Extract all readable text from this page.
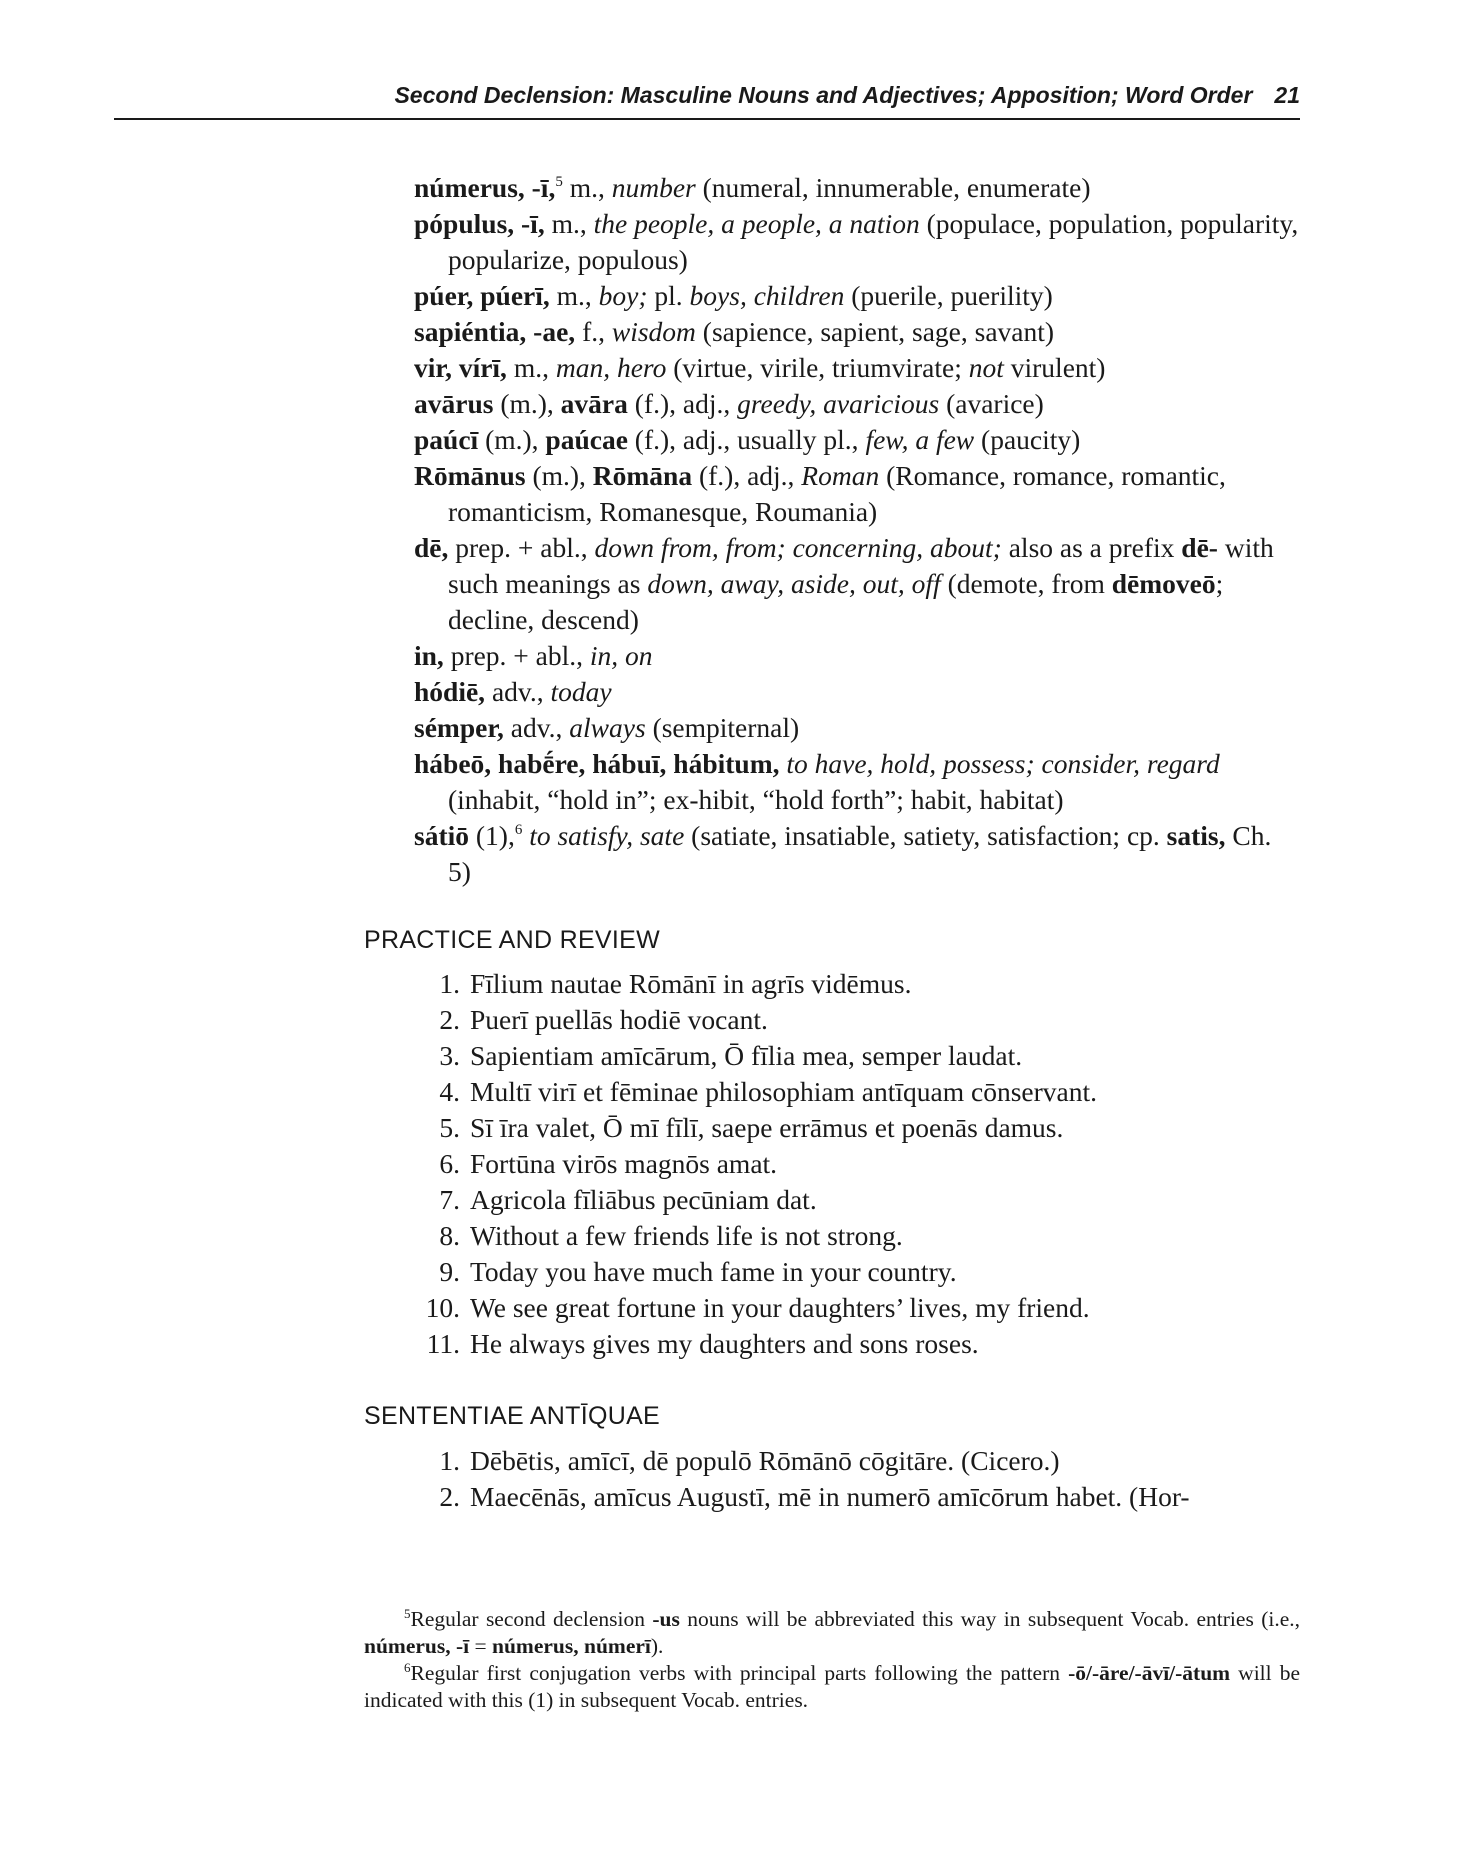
Second Declension: Masculine Nouns and Adjectives; Apposition; Word Order 21

númerus, -ī,$^5$ m., number (numeral, innumerable, enumerate)

pópulus, -ī, m., the people, a people, a nation (populace, population, popularity, popularize, populous)

púer, púerī, m., boy; pl. boys, children (puerile, puerility)

sapiéntia, -ae, f., wisdom (sapience, sapient, sage, savant)

vir, vírī, m., man, hero (virtue, virile, triumvirate; not virulent)

avārus (m.), avāra (f.), adj., greedy, avaricious (avarice)

paúcī (m.), paúcae (f.), adj., usually pl., few, a few (paucity)

Rōmānus (m.), Rōmāna (f.), adj., Roman (Romance, romance, romantic, romanticism, Romanesque, Roumania)

dē, prep. + abl., down from, from; concerning, about; also as a prefix dē- with such meanings as down, away, aside, out, off (demote, from dēmoveō; decline, descend)

in, prep. + abl., in, on

hódiē, adv., today

sémper, adv., always (sempiternal)

hábeō, habḗre, hábuī, hábitum, to have, hold, possess; consider, regard (inhabit, “hold in”; ex-hibit, “hold forth”; habit, habitat)

sátiō (1),$^6$ to satisfy, sate (satiate, insatiable, satiety, satisfaction; cp. satis, Ch. 5)

PRACTICE AND REVIEW
1. Fīlium nautae Rōmānī in agrīs vidēmus.
2. Puerī puellās hodiē vocant.
3. Sapientiam amīcārum, Ō fīlia mea, semper laudat.
4. Multī virī et fēminae philosophiam antīquam cōnservant.
5. Sī īra valet, Ō mī fīlī, saepe errāmus et poenās damus.
6. Fortūna virōs magnōs amat.
7. Agricola fīliābus pecūniam dat.
8. Without a few friends life is not strong.
9. Today you have much fame in your country.
10. We see great fortune in your daughters’ lives, my friend.
11. He always gives my daughters and sons roses.
SENTENTIAE ANTĪQUAE
1. Dēbētis, amīcī, dē populō Rōmānō cōgitāre. (Cicero.)
2. Maecēnās, amīcus Augustī, mē in numerō amīcōrum habet. (Hor-

$^5$Regular second declension -us nouns will be abbreviated this way in subsequent Vocab. entries (i.e., númerus, -ī = númerus, númerī).

$^6$Regular first conjugation verbs with principal parts following the pattern -ō/-āre/-āvī/-ātum will be indicated with this (1) in subsequent Vocab. entries.
